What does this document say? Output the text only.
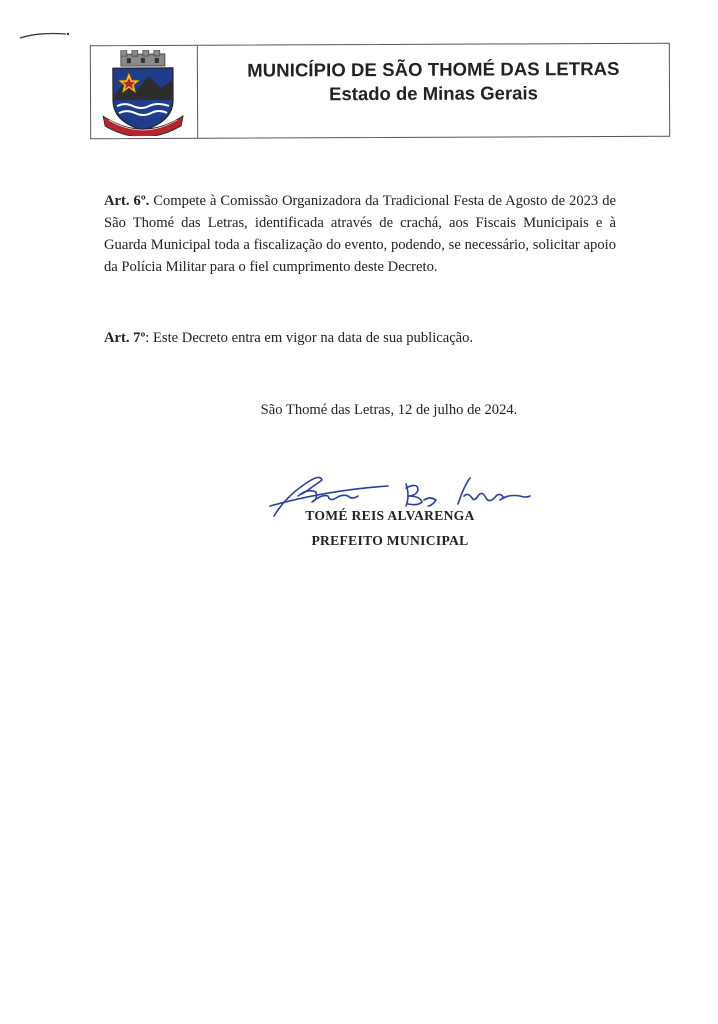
MUNICÍPIO DE SÃO THOMÉ DAS LETRAS
Estado de Minas Gerais
Art. 6º. Compete à Comissão Organizadora da Tradicional Festa de Agosto de 2023 de São Thomé das Letras, identificada através de crachá, aos Fiscais Municipais e à Guarda Municipal toda a fiscalização do evento, podendo, se necessário, solicitar apoio da Polícia Militar para o fiel cumprimento deste Decreto.
Art. 7º: Este Decreto entra em vigor na data de sua publicação.
São Thomé das Letras, 12 de julho de 2024.
TOMÉ REIS ALVARENGA
PREFEITO MUNICIPAL
